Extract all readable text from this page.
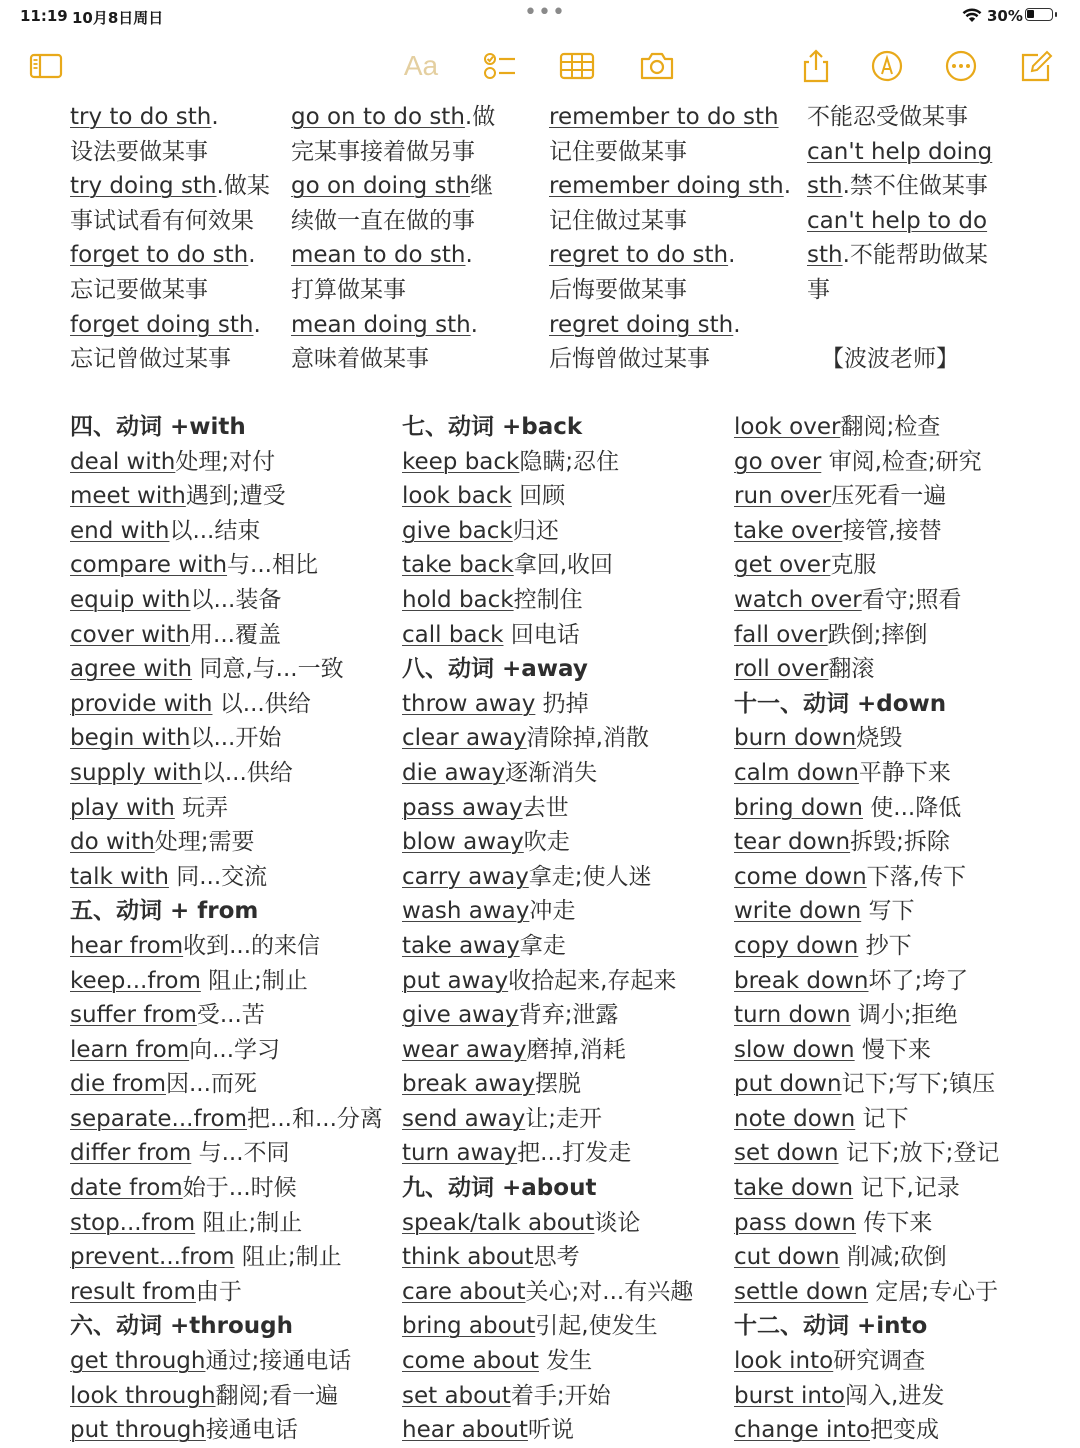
11:19 10月8日周日	•••	30%
Aa
try to do sth.
设法要做某事
try doing sth.做某
事试试看有何效果
forget to do sth.
忘记要做某事
forget doing sth.
忘记曾做过某事
go on to do sth.做
完某事接着做另事
go on doing sth继
续做一直在做的事
mean to do sth.
打算做某事
mean doing sth.
意味着做某事
remember to do sth
记住要做某事
remember doing sth.
记住做过某事
regret to do sth.
后悔要做某事
regret doing sth.
后悔曾做过某事
不能忍受做某事
can't help doing
sth.禁不住做某事
can't help to do
sth.不能帮助做某
事
【波波老师】
四、动词 +with
deal with处理;对付
meet with遇到;遭受
end with以...结束
compare with与...相比
equip with以...装备
cover with用...覆盖
agree with 同意,与...一致
provide with 以...供给
begin with以...开始
supply with以...供给
play with 玩弄
do with处理;需要
talk with 同...交流
五、动词 + from
hear from收到...的来信
keep...from 阻止;制止
suffer from受...苦
learn from向...学习
die from因...而死
separate...from把...和...分离
differ from 与...不同
date from始于...时候
stop...from 阻止;制止
prevent...from 阻止;制止
result from由于
六、动词 +through
get through通过;接通电话
look through翻阅;看一遍
put through接通电话
七、动词 +back
keep back隐瞒;忍住
look back 回顾
give back归还
take back拿回,收回
hold back控制住
call back 回电话
八、动词 +away
throw away 扔掉
clear away清除掉,消散
die away逐渐消失
pass away去世
blow away吹走
carry away拿走;使人迷
wash away冲走
take away拿走
put away收拾起来,存起来
give away背弃;泄露
wear away磨掉,消耗
break away摆脱
send away让;走开
turn away把...打发走
九、动词 +about
speak/talk about谈论
think about思考
care about关心;对...有兴趣
bring about引起,使发生
come about 发生
set about着手;开始
hear about听说
look over翻阅;检查
go over 审阅,检查;研究
run over压死看一遍
take over接管,接替
get over克服
watch over看守;照看
fall over跌倒;摔倒
roll over翻滚
十一、动词 +down
burn down烧毁
calm down平静下来
bring down 使...降低
tear down拆毁;拆除
come down下落,传下
write down 写下
copy down 抄下
break down坏了;垮了
turn down 调小;拒绝
slow down 慢下来
put down记下;写下;镇压
note down 记下
set down 记下;放下;登记
take down 记下,记录
pass down 传下来
cut down 削减;砍倒
settle down 定居;专心于
十二、动词 +into
look into研究调查
burst into闯入,进发
change into把变成
